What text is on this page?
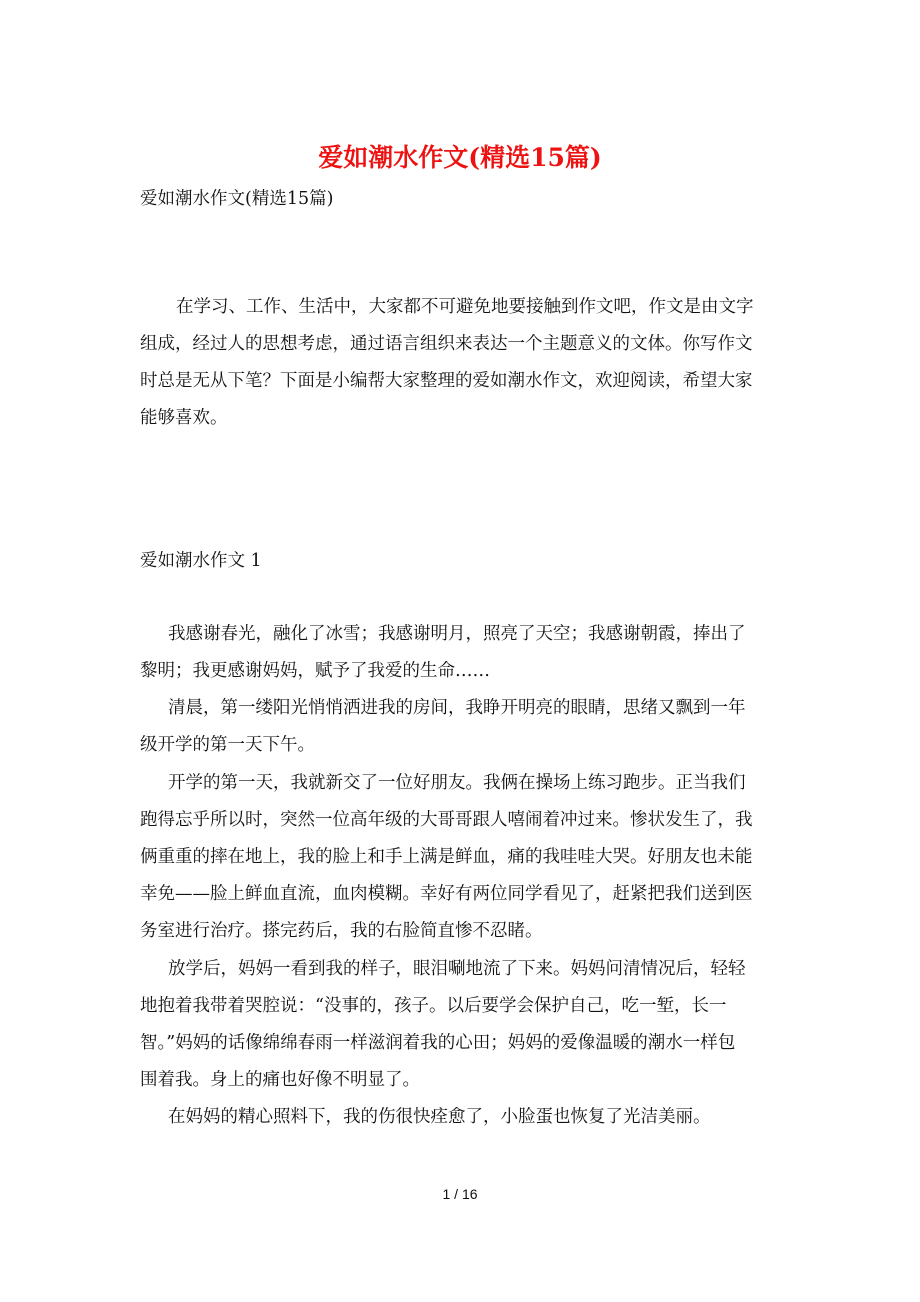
爱如潮水作文(精选15篇)
爱如潮水作文(精选15篇)
在学习、工作、生活中，大家都不可避免地要接触到作文吧，作文是由文字
组成，经过人的思想考虑，通过语言组织来表达一个主题意义的文体。你写作文
时总是无从下笔？下面是小编帮大家整理的爱如潮水作文，欢迎阅读，希望大家
能够喜欢。
爱如潮水作文 1
我感谢春光，融化了冰雪；我感谢明月，照亮了天空；我感谢朝霞，捧出了
黎明；我更感谢妈妈，赋予了我爱的生命……
清晨，第一缕阳光悄悄洒进我的房间，我睁开明亮的眼睛，思绪又飘到一年
级开学的第一天下午。
开学的第一天，我就新交了一位好朋友。我俩在操场上练习跑步。正当我们
跑得忘乎所以时，突然一位高年级的大哥哥跟人嘻闹着冲过来。惨状发生了，我
俩重重的摔在地上，我的脸上和手上满是鲜血，痛的我哇哇大哭。好朋友也未能
幸免——脸上鲜血直流，血肉模糊。幸好有两位同学看见了，赶紧把我们送到医
务室进行治疗。搽完药后，我的右脸简直惨不忍睹。
放学后，妈妈一看到我的样子，眼泪唰地流了下来。妈妈问清情况后，轻轻
地抱着我带着哭腔说：“没事的，孩子。以后要学会保护自己，吃一堑，长一
智。”妈妈的话像绵绵春雨一样滋润着我的心田；妈妈的爱像温暖的潮水一样包
围着我。身上的痛也好像不明显了。
在妈妈的精心照料下，我的伤很快痊愈了，小脸蛋也恢复了光洁美丽。
1 / 16
